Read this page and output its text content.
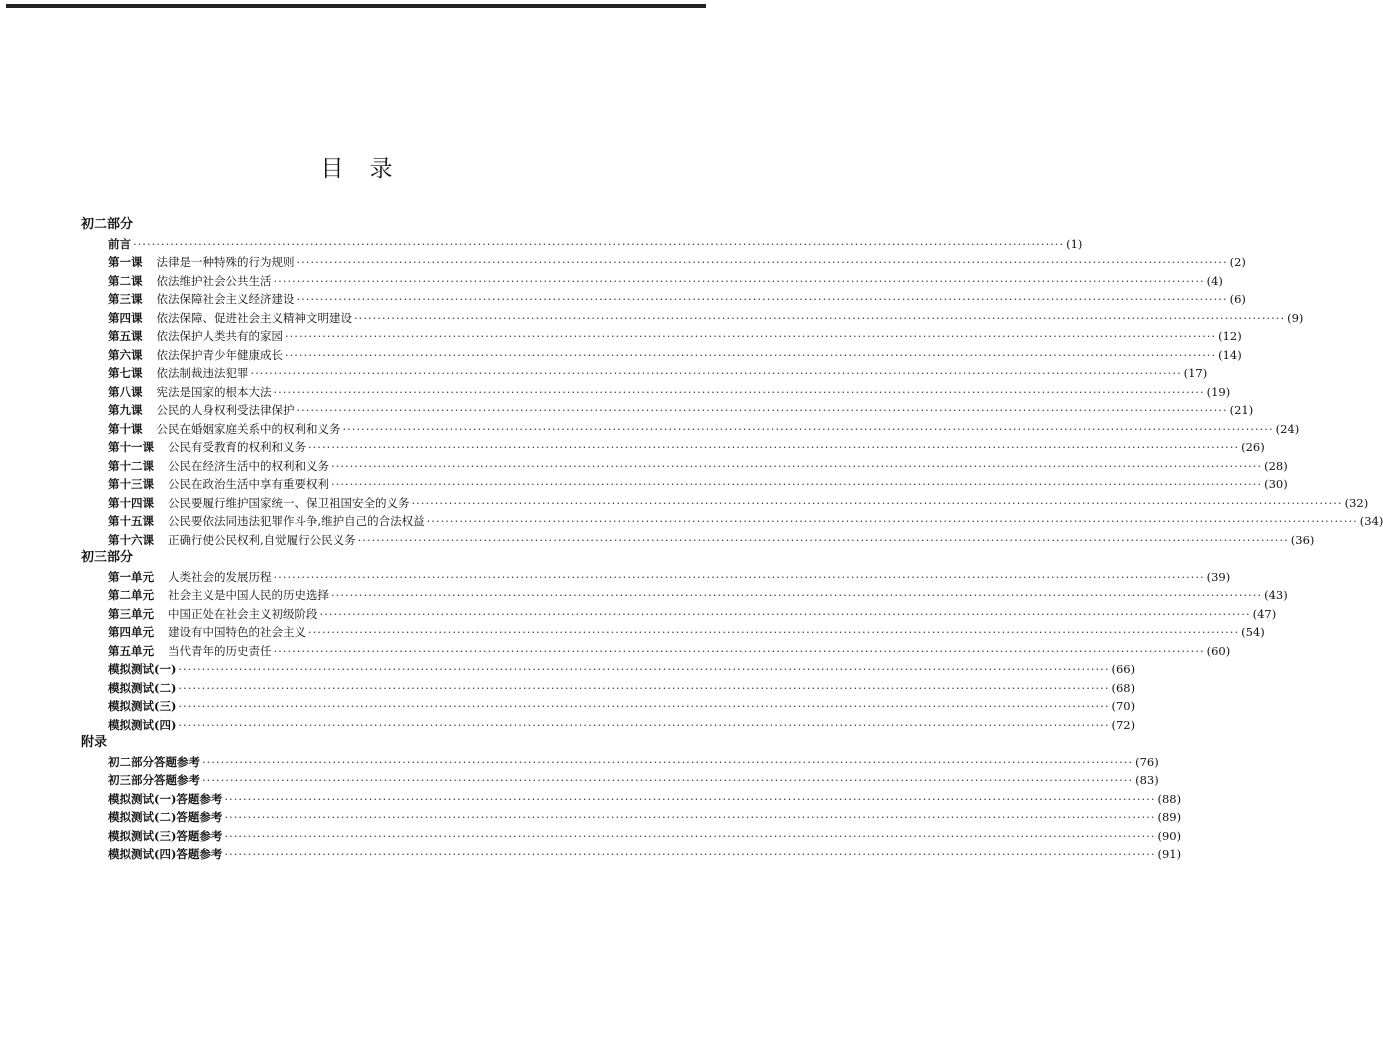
目 录
初二部分
前言 ········································································································································································································ (1)
第一课 法律是一种特殊的行为规则 ········································································································································································································ (2)
第二课 依法维护社会公共生活 ········································································································································································································ (4)
第三课 依法保障社会主义经济建设 ········································································································································································································ (6)
第四课 依法保障、促进社会主义精神文明建设 ········································································································································································································ (9)
第五课 依法保护人类共有的家园 ········································································································································································································ (12)
第六课 依法保护青少年健康成长 ········································································································································································································ (14)
第七课 依法制裁违法犯罪 ········································································································································································································ (17)
第八课 宪法是国家的根本大法 ········································································································································································································ (19)
第九课 公民的人身权利受法律保护 ········································································································································································································ (21)
第十课 公民在婚姻家庭关系中的权利和义务 ········································································································································································································ (24)
第十一课 公民有受教育的权利和义务 ········································································································································································································ (26)
第十二课 公民在经济生活中的权利和义务 ········································································································································································································ (28)
第十三课 公民在政治生活中享有重要权利 ········································································································································································································ (30)
第十四课 公民要履行维护国家统一、保卫祖国安全的义务 ········································································································································································································ (32)
第十五课 公民要依法同违法犯罪作斗争,维护自己的合法权益 ········································································································································································································ (34)
第十六课 正确行使公民权利,自觉履行公民义务 ········································································································································································································ (36)
初三部分
第一单元 人类社会的发展历程 ········································································································································································································ (39)
第二单元 社会主义是中国人民的历史选择 ········································································································································································································ (43)
第三单元 中国正处在社会主义初级阶段 ········································································································································································································ (47)
第四单元 建设有中国特色的社会主义 ········································································································································································································ (54)
第五单元 当代青年的历史责任 ········································································································································································································ (60)
模拟测试(一) ········································································································································································································ (66)
模拟测试(二) ········································································································································································································ (68)
模拟测试(三) ········································································································································································································ (70)
模拟测试(四) ········································································································································································································ (72)
附录
初二部分答题参考 ········································································································································································································ (76)
初三部分答题参考 ········································································································································································································ (83)
模拟测试(一)答题参考 ········································································································································································································ (88)
模拟测试(二)答题参考 ········································································································································································································ (89)
模拟测试(三)答题参考 ········································································································································································································ (90)
模拟测试(四)答题参考 ········································································································································································································ (91)
